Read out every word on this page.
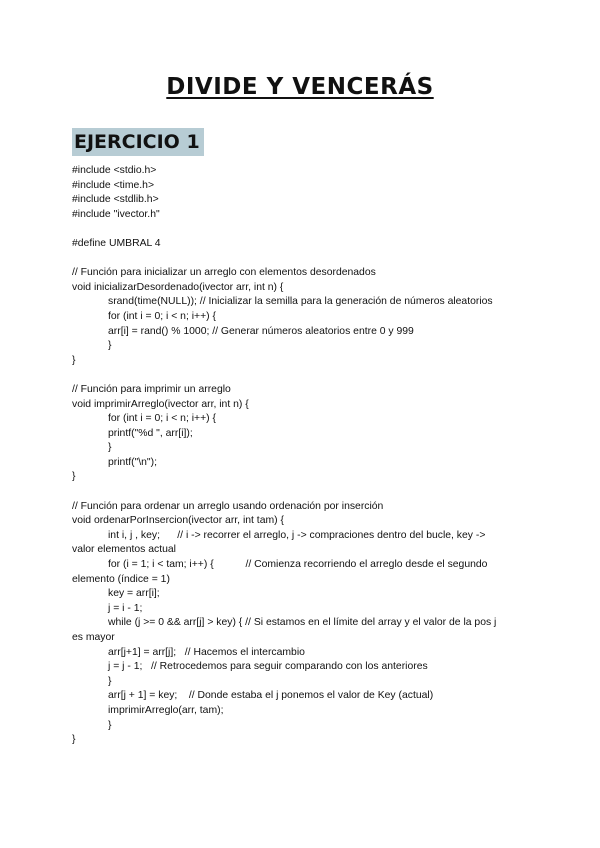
DIVIDE Y VENCERÁS
EJERCICIO 1
#include <stdio.h>
#include <time.h>
#include <stdlib.h>
#include "ivector.h"
#define UMBRAL 4
// Función para inicializar un arreglo con elementos desordenados
void inicializarDesordenado(ivector arr, int n) {
srand(time(NULL)); // Inicializar la semilla para la generación de números aleatorios
for (int i = 0; i < n; i++) {
arr[i] = rand() % 1000; // Generar números aleatorios entre 0 y 999
}
}
// Función para imprimir un arreglo
void imprimirArreglo(ivector arr, int n) {
for (int i = 0; i < n; i++) {
printf("%d ", arr[i]);
}
printf("\n");
}
// Función para ordenar un arreglo usando ordenación por inserción
void ordenarPorInsercion(ivector arr, int tam) {
int i, j , key;      // i -> recorrer el arreglo, j -> compraciones dentro del bucle, key ->
valor elementos actual
for (i = 1; i < tam; i++) {           // Comienza recorriendo el arreglo desde el segundo
elemento (índice = 1)
key = arr[i];
j = i - 1;
while (j >= 0 && arr[j] > key) { // Si estamos en el límite del array y el valor de la pos j
es mayor
arr[j+1] = arr[j];   // Hacemos el intercambio
j = j - 1;   // Retrocedemos para seguir comparando con los anteriores
}
arr[j + 1] = key;    // Donde estaba el j ponemos el valor de Key (actual)
imprimirArreglo(arr, tam);
}
}
